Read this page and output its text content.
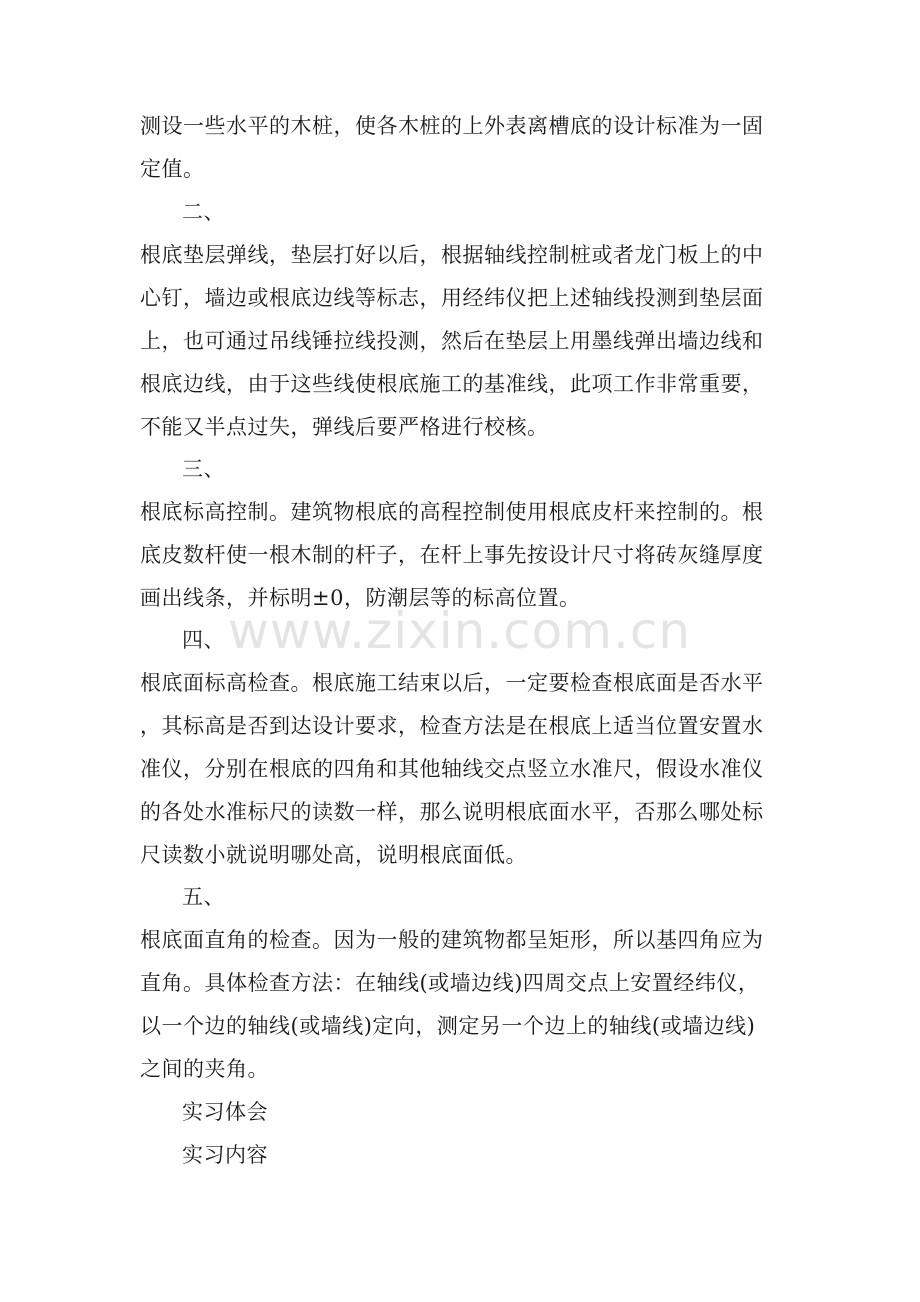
测设一些水平的木桩，使各木桩的上外表离槽底的设计标准为一固
定值。
二、
根底垫层弹线，垫层打好以后，根据轴线控制桩或者龙门板上的中
心钉，墙边或根底边线等标志，用经纬仪把上述轴线投测到垫层面
上，也可通过吊线锤拉线投测，然后在垫层上用墨线弹出墙边线和
根底边线，由于这些线使根底施工的基准线，此项工作非常重要，
不能又半点过失，弹线后要严格进行校核。
三、
根底标高控制。建筑物根底的高程控制使用根底皮杆来控制的。根
底皮数杆使一根木制的杆子，在杆上事先按设计尺寸将砖灰缝厚度
画出线条，并标明±0，防潮层等的标高位置。
四、
根底面标高检查。根底施工结束以后，一定要检查根底面是否水平
，其标高是否到达设计要求，检查方法是在根底上适当位置安置水
准仪，分别在根底的四角和其他轴线交点竖立水准尺，假设水准仪
的各处水准标尺的读数一样，那么说明根底面水平，否那么哪处标
尺读数小就说明哪处高，说明根底面低。
五、
根底面直角的检查。因为一般的建筑物都呈矩形，所以基四角应为
直角。具体检查方法：在轴线(或墙边线)四周交点上安置经纬仪，
以一个边的轴线(或墙线)定向，测定另一个边上的轴线(或墙边线)
之间的夹角。
实习体会
实习内容
www.zixin.com.cn
